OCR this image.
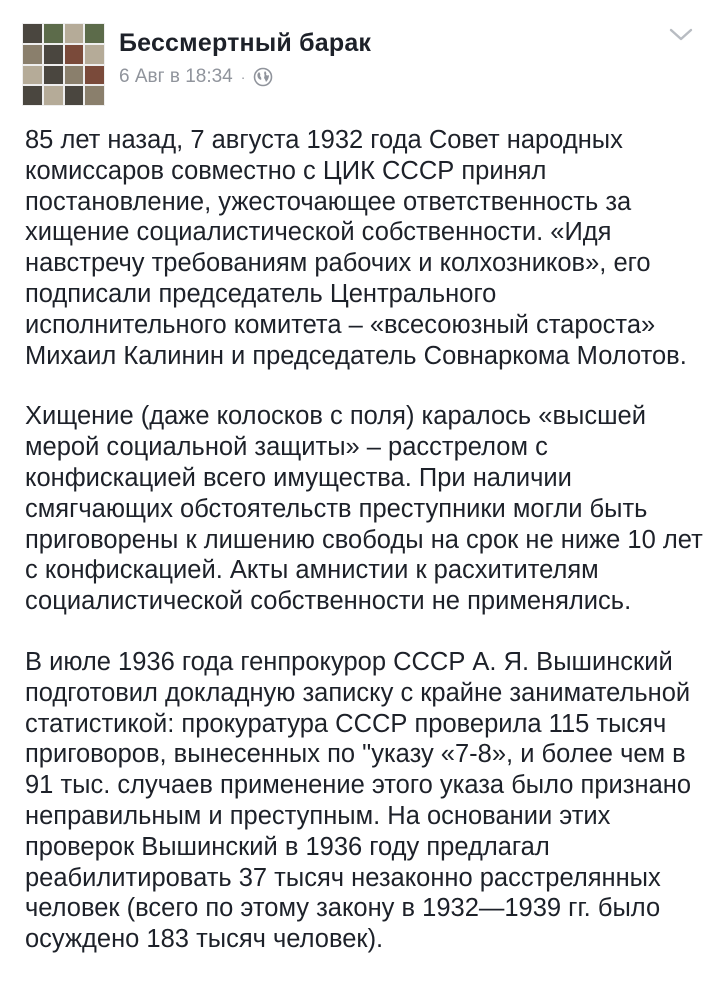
Бессмертный барак
6 Авг в 18:34 ·

85 лет назад, 7 августа 1932 года Совет народных комиссаров совместно с ЦИК СССР принял постановление, ужесточающее ответственность за хищение социалистической собственности. «Идя навстречу требованиям рабочих и колхозников», его подписали председатель Центрального исполнительного комитета – «всесоюзный староста» Михаил Калинин и председатель Совнаркома Молотов.

Хищение (даже колосков с поля) каралось «высшей мерой социальной защиты» – расстрелом с конфискацией всего имущества. При наличии смягчающих обстоятельств преступники могли быть приговорены к лишению свободы на срок не ниже 10 лет с конфискацией. Акты амнистии к расхитителям социалистической собственности не применялись.

В июле 1936 года генпрокурор СССР А. Я. Вышинский подготовил докладную записку с крайне занимательной статистикой: прокуратура СССР проверила 115 тысяч приговоров, вынесенных по "указу «7-8», и более чем в 91 тыс. случаев применение этого указа было признано неправильным и преступным. На основании этих проверок Вышинский в 1936 году предлагал реабилитировать 37 тысяч незаконно расстрелянных человек (всего по этому закону в 1932—1939 гг. было осуждено 183 тысяч человек).
